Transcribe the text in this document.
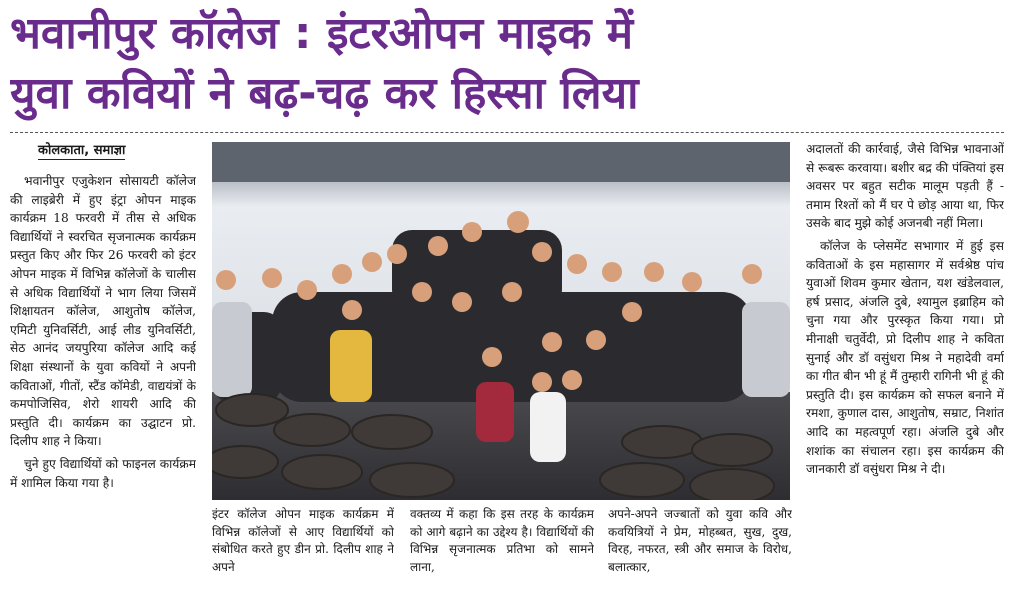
भवानीपुर कॉलेज : इंटरओपन माइक में
युवा कवियों ने बढ़-चढ़ कर हिस्सा लिया
कोलकाता, समाज्ञा

भवानीपुर एजुकेशन सोसायटी कॉलेज की लाइब्रेरी में हुए इंट्रा ओपन माइक कार्यक्रम 18 फरवरी में तीस से अधिक विद्यार्थियों ने स्वरचित सृजनात्मक कार्यक्रम प्रस्तुत किए और फिर 26 फरवरी को इंटर ओपन माइक में विभिन्न कॉलेजों के चालीस से अधिक विद्यार्थियों ने भाग लिया जिसमें शिक्षायतन कॉलेज, आशुतोष कॉलेज, एमिटी युनिवर्सिटी, आई लीड युनिवर्सिटी, सेठ आनंद जयपुरिया कॉलेज आदि कई शिक्षा संस्थानों के युवा कवियों ने अपनी कविताओं, गीतों, स्टैंड कॉमेडी, वाद्ययंत्रों के कमपोजिसिव, शेरो शायरी आदि की प्रस्तुति दी। कार्यक्रम का उद्घाटन प्रो. दिलीप शाह ने किया।

चुने हुए विद्यार्थियों को फाइनल कार्यक्रम में शामिल किया गया है।

इंटर कॉलेज ओपन माइक कार्यक्रम में विभिन्न कॉलेजों से आए विद्यार्थियों को संबोधित करते हुए डीन प्रो. दिलीप शाह ने अपने

वक्तव्य में कहा कि इस तरह के कार्यक्रम को आगे बढ़ाने का उद्देश्य है। विद्यार्थियों की विभिन्न सृजनात्मक प्रतिभा को सामने लाना,

अपने-अपने जज्बातों को युवा कवि और कवयित्रियों ने प्रेम, मोहब्बत, सुख, दुख, विरह, नफरत, स्त्री और समाज के विरोध, बलात्कार,

अदालतों की कार्रवाई, जैसे विभिन्न भावनाओं से रूबरू करवाया। बशीर बद्र की पंक्तियां इस अवसर पर बहुत सटीक मालूम पड़ती हैं - तमाम रिश्तों को मैं घर पे छोड़ आया था, फिर उसके बाद मुझे कोई अजनबी नहीं मिला।

कॉलेज के प्लेसमेंट सभागार में हुई इस कविताओं के इस महासागर में सर्वश्रेष्ठ पांच युवाओं शिवम कुमार खेतान, यश खंडेलवाल, हर्ष प्रसाद, अंजलि दुबे, श्यामुल इब्राहिम को चुना गया और पुरस्कृत किया गया। प्रो मीनाक्षी चतुर्वेदी, प्रो दिलीप शाह ने कविता सुनाई और डॉ वसुंधरा मिश्र ने महादेवी वर्मा का गीत बीन भी हूं मैं तुम्हारी रागिनी भी हूं की प्रस्तुति दी। इस कार्यक्रम को सफल बनाने में रमशा, कुणाल दास, आशुतोष, सम्राट, निशांत आदि का महत्वपूर्ण रहा। अंजलि दुबे और शशांक का संचालन रहा। इस कार्यक्रम की जानकारी डॉ वसुंधरा मिश्र ने दी।
